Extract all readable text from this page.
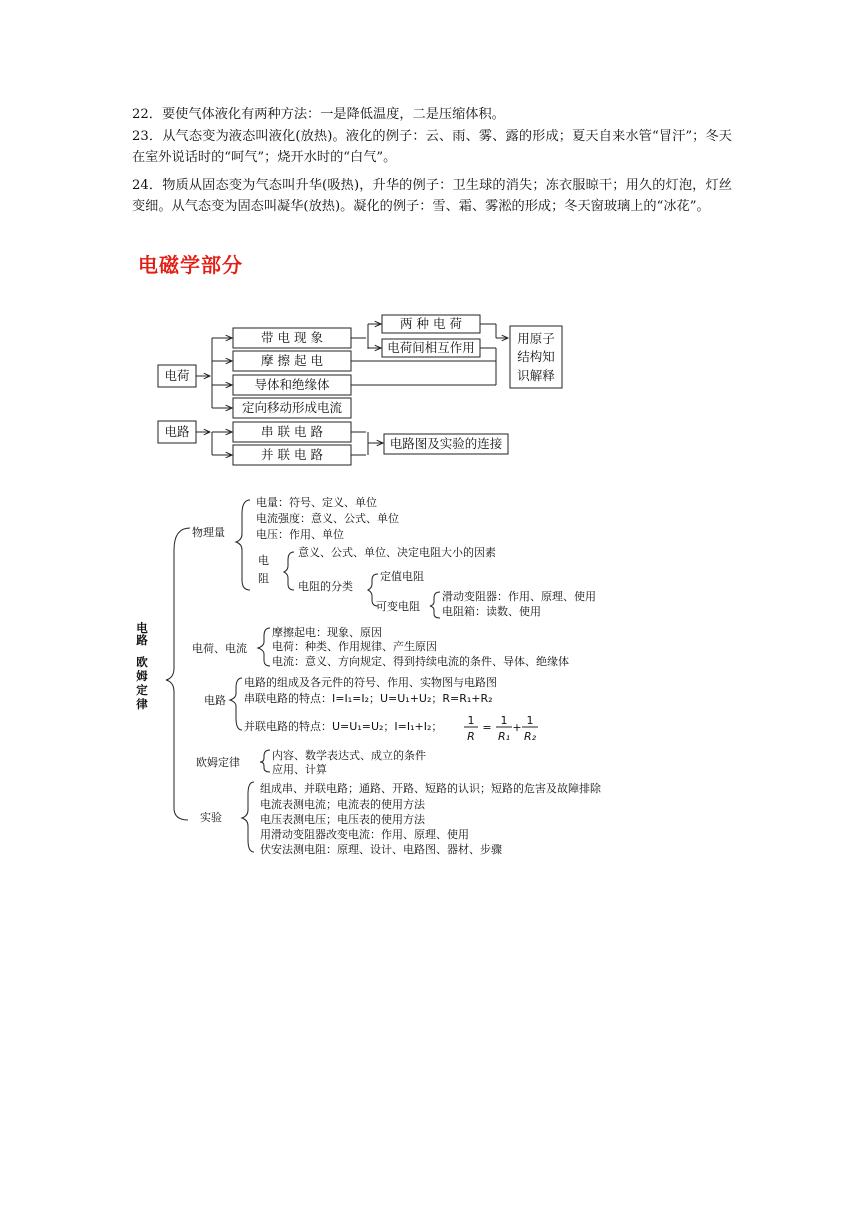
22．要使气体液化有两种方法：一是降低温度，二是压缩体积。

23．从气态变为液态叫液化(放热)。液化的例子：云、雨、雾、露的形成；夏天自来水管“冒汗”；冬天在室外说话时的“呵气”；烧开水时的“白气”。

24．物质从固态变为气态叫升华(吸热)，升华的例子：卫生球的消失；冻衣服晾干；用久的灯泡，灯丝变细。从气态变为固态叫凝华(放热)。凝化的例子：雪、霜、雾淞的形成；冬天窗玻璃上的“冰花”。

电磁学部分
电荷
电路
带 电 现 象
摩 擦 起 电
导体和绝缘体
定向移动形成电流
两 种 电 荷
电荷间相互作用
用原子
结构知
识解释
串 联 电 路
并 联 电 路
电路图及实验的连接
电
路
欧
姆
定
律
物理量
电量：符号、定义、单位
电流强度：意义、公式、单位
电压：作用、单位
电
阻
意义、公式、单位、决定电阻大小的因素
电阻的分类
定值电阻
可变电阻
滑动变阻器：作用、原理、使用
电阻箱：读数、使用
电荷、电流
摩擦起电：现象、原因
电荷：种类、作用规律、产生原因
电流：意义、方向规定、得到持续电流的条件、导体、绝缘体
电路
电路的组成及各元件的符号、作用、实物图与电路图
串联电路的特点：I=I₁=I₂；U=U₁+U₂；R=R₁+R₂
并联电路的特点：U=U₁=U₂；I=I₁+I₂； 1
R
=
1
R₁
+
1
R₂
欧姆定律
内容、数学表达式、成立的条件
应用、计算
实验
组成串、并联电路；通路、开路、短路的认识；短路的危害及故障排除
电流表测电流；电流表的使用方法
电压表测电压；电压表的使用方法
用滑动变阻器改变电流：作用、原理、使用
伏安法测电阻：原理、设计、电路图、器材、步骤
